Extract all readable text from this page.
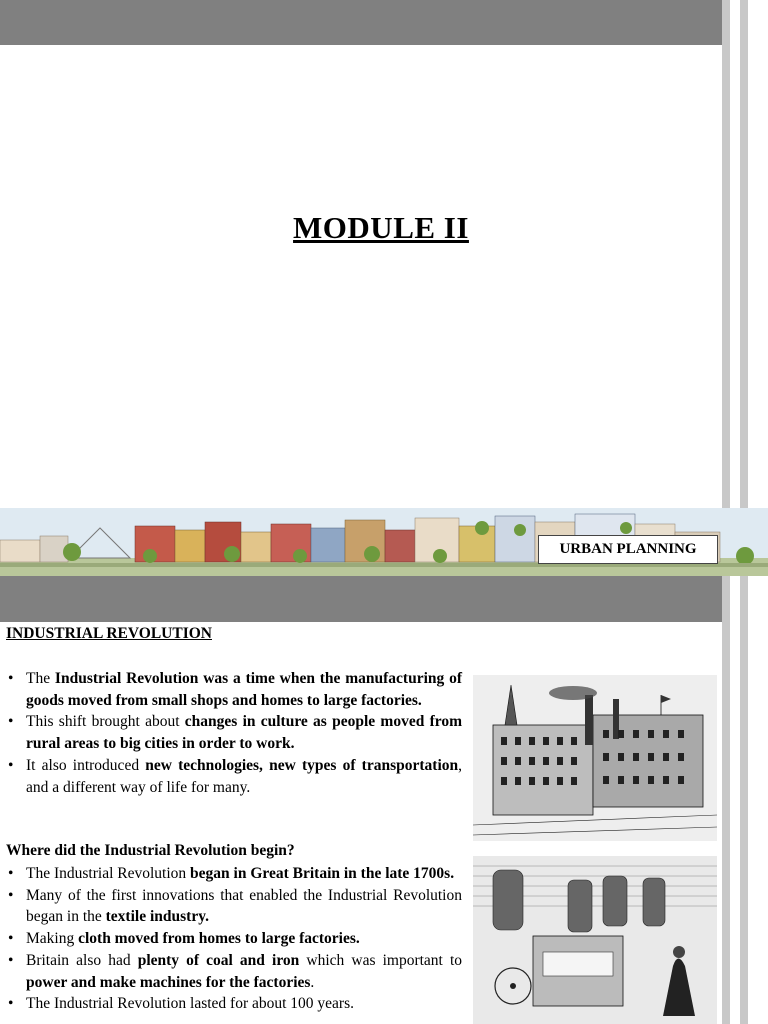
MODULE II
URBAN PLANNING
INDUSTRIAL REVOLUTION
• The Industrial Revolution was a time when the manufacturing of goods moved from small shops and homes to large factories.
• This shift brought about changes in culture as people moved from rural areas to big cities in order to work.
• It also introduced new technologies, new types of transportation, and a different way of life for many.
Where did the Industrial Revolution begin?
• The Industrial Revolution began in Great Britain in the late 1700s.
• Many of the first innovations that enabled the Industrial Revolution began in the textile industry.
• Making cloth moved from homes to large factories.
• Britain also had plenty of coal and iron which was important to power and make machines for the factories.
• The Industrial Revolution lasted for about 100 years.
